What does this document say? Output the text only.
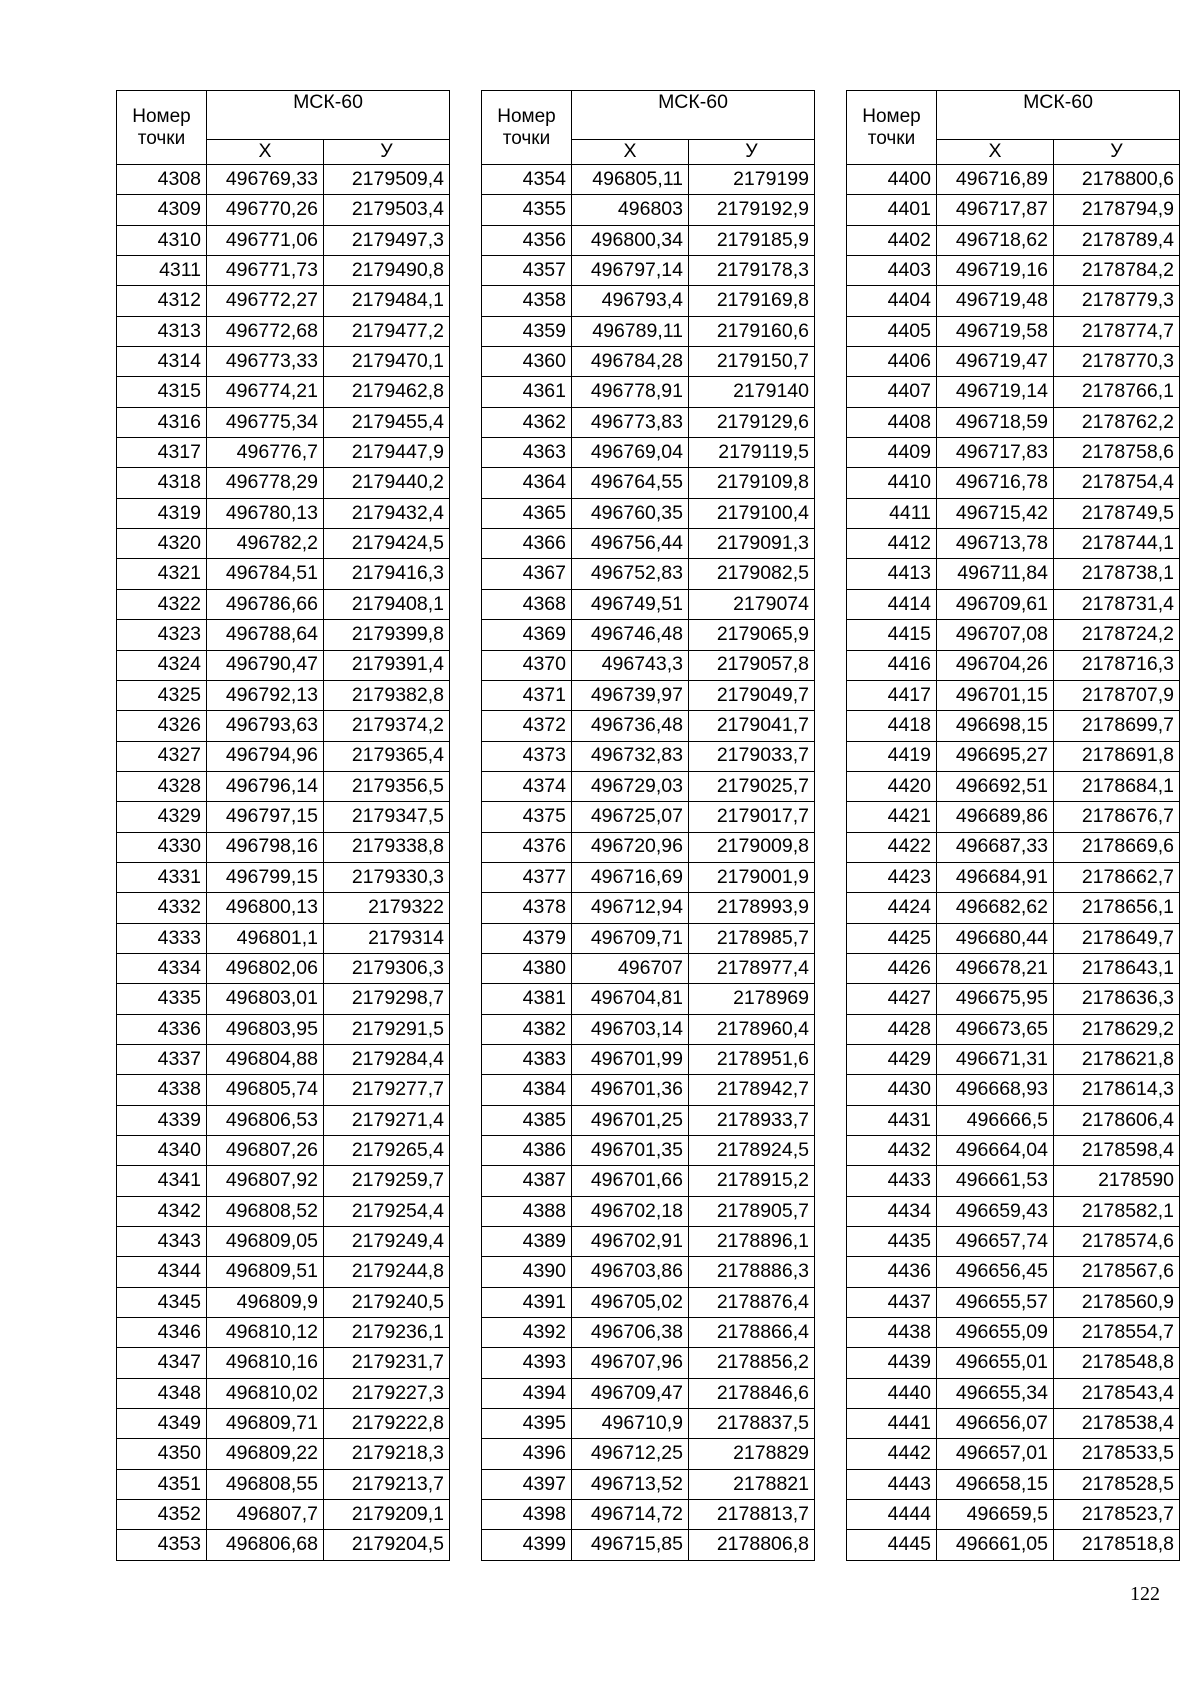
Номер точки	МСК-60	
	Х	У
4308	496769,33	2179509,4
4309	496770,26	2179503,4
4310	496771,06	2179497,3
4311	496771,73	2179490,8
4312	496772,27	2179484,1
4313	496772,68	2179477,2
4314	496773,33	2179470,1
4315	496774,21	2179462,8
4316	496775,34	2179455,4
4317	496776,7	2179447,9
4318	496778,29	2179440,2
4319	496780,13	2179432,4
4320	496782,2	2179424,5
4321	496784,51	2179416,3
4322	496786,66	2179408,1
4323	496788,64	2179399,8
4324	496790,47	2179391,4
4325	496792,13	2179382,8
4326	496793,63	2179374,2
4327	496794,96	2179365,4
4328	496796,14	2179356,5
4329	496797,15	2179347,5
4330	496798,16	2179338,8
4331	496799,15	2179330,3
4332	496800,13	2179322
4333	496801,1	2179314
4334	496802,06	2179306,3
4335	496803,01	2179298,7
4336	496803,95	2179291,5
4337	496804,88	2179284,4
4338	496805,74	2179277,7
4339	496806,53	2179271,4
4340	496807,26	2179265,4
4341	496807,92	2179259,7
4342	496808,52	2179254,4
4343	496809,05	2179249,4
4344	496809,51	2179244,8
4345	496809,9	2179240,5
4346	496810,12	2179236,1
4347	496810,16	2179231,7
4348	496810,02	2179227,3
4349	496809,71	2179222,8
4350	496809,22	2179218,3
4351	496808,55	2179213,7
4352	496807,7	2179209,1
4353	496806,68	2179204,5
Номер точки	МСК-60	
	Х	У
4354	496805,11	2179199
4355	496803	2179192,9
4356	496800,34	2179185,9
4357	496797,14	2179178,3
4358	496793,4	2179169,8
4359	496789,11	2179160,6
4360	496784,28	2179150,7
4361	496778,91	2179140
4362	496773,83	2179129,6
4363	496769,04	2179119,5
4364	496764,55	2179109,8
4365	496760,35	2179100,4
4366	496756,44	2179091,3
4367	496752,83	2179082,5
4368	496749,51	2179074
4369	496746,48	2179065,9
4370	496743,3	2179057,8
4371	496739,97	2179049,7
4372	496736,48	2179041,7
4373	496732,83	2179033,7
4374	496729,03	2179025,7
4375	496725,07	2179017,7
4376	496720,96	2179009,8
4377	496716,69	2179001,9
4378	496712,94	2178993,9
4379	496709,71	2178985,7
4380	496707	2178977,4
4381	496704,81	2178969
4382	496703,14	2178960,4
4383	496701,99	2178951,6
4384	496701,36	2178942,7
4385	496701,25	2178933,7
4386	496701,35	2178924,5
4387	496701,66	2178915,2
4388	496702,18	2178905,7
4389	496702,91	2178896,1
4390	496703,86	2178886,3
4391	496705,02	2178876,4
4392	496706,38	2178866,4
4393	496707,96	2178856,2
4394	496709,47	2178846,6
4395	496710,9	2178837,5
4396	496712,25	2178829
4397	496713,52	2178821
4398	496714,72	2178813,7
4399	496715,85	2178806,8
Номер точки	МСК-60	
	Х	У
4400	496716,89	2178800,6
4401	496717,87	2178794,9
4402	496718,62	2178789,4
4403	496719,16	2178784,2
4404	496719,48	2178779,3
4405	496719,58	2178774,7
4406	496719,47	2178770,3
4407	496719,14	2178766,1
4408	496718,59	2178762,2
4409	496717,83	2178758,6
4410	496716,78	2178754,4
4411	496715,42	2178749,5
4412	496713,78	2178744,1
4413	496711,84	2178738,1
4414	496709,61	2178731,4
4415	496707,08	2178724,2
4416	496704,26	2178716,3
4417	496701,15	2178707,9
4418	496698,15	2178699,7
4419	496695,27	2178691,8
4420	496692,51	2178684,1
4421	496689,86	2178676,7
4422	496687,33	2178669,6
4423	496684,91	2178662,7
4424	496682,62	2178656,1
4425	496680,44	2178649,7
4426	496678,21	2178643,1
4427	496675,95	2178636,3
4428	496673,65	2178629,2
4429	496671,31	2178621,8
4430	496668,93	2178614,3
4431	496666,5	2178606,4
4432	496664,04	2178598,4
4433	496661,53	2178590
4434	496659,43	2178582,1
4435	496657,74	2178574,6
4436	496656,45	2178567,6
4437	496655,57	2178560,9
4438	496655,09	2178554,7
4439	496655,01	2178548,8
4440	496655,34	2178543,4
4441	496656,07	2178538,4
4442	496657,01	2178533,5
4443	496658,15	2178528,5
4444	496659,5	2178523,7
4445	496661,05	2178518,8
122
